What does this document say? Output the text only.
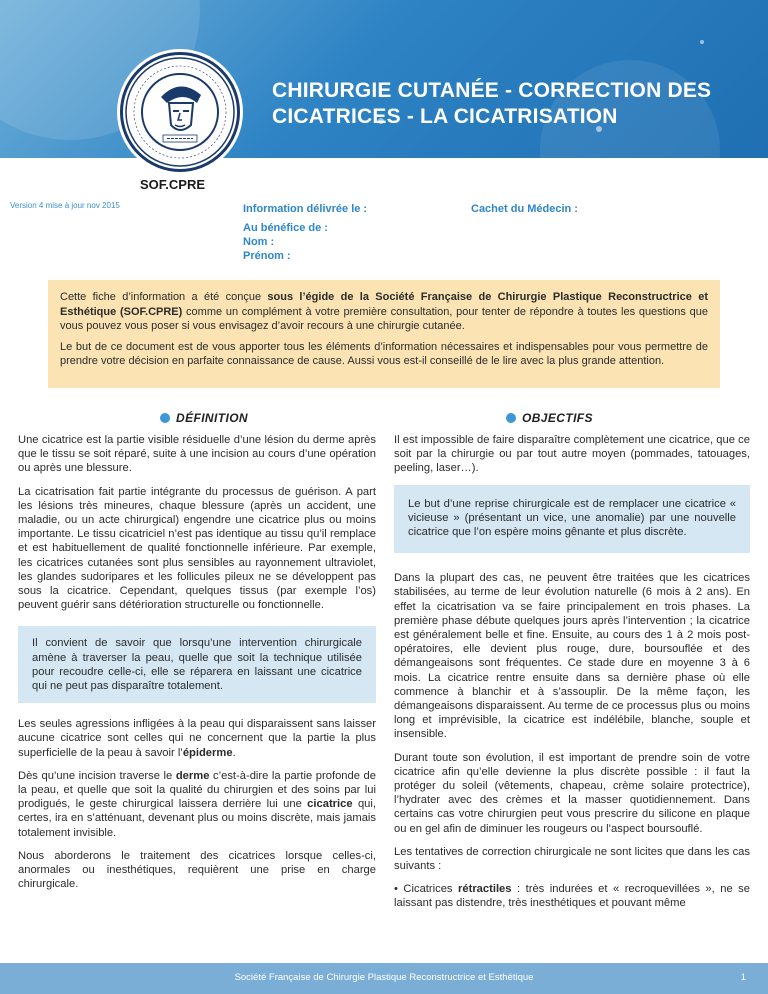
CHIRURGIE CUTANÉE - CORRECTION DES CICATRICES - LA CICATRISATION
SOF.CPRE
Version 4 mise à jour nov 2015	Information délivrée le :	Cachet du Médecin :
Au bénéfice de :
Nom :
Prénom :

Cette fiche d’information a été conçue sous l’égide de la Société Française de Chirurgie Plastique Reconstructrice et Esthétique (SOF.CPRE) comme un complément à votre première consultation, pour tenter de répondre à toutes les questions que vous pouvez vous poser si vous envisagez d’avoir recours à une chirurgie cutanée.

Le but de ce document est de vous apporter tous les éléments d’information nécessaires et indispensables pour vous permettre de prendre votre décision en parfaite connaissance de cause. Aussi vous est-il conseillé de le lire avec la plus grande attention.

DÉFINITION	OBJECTIFS

Une cicatrice est la partie visible résiduelle d’une lésion du derme après que le tissu se soit réparé, suite à une incision au cours d’une opération ou après une blessure.

La cicatrisation fait partie intégrante du processus de guérison. A part les lésions très mineures, chaque blessure (après un accident, une maladie, ou un acte chirurgical) engendre une cicatrice plus ou moins importante. Le tissu cicatriciel n’est pas identique au tissu qu’il remplace et est habituellement de qualité fonctionnelle inférieure. Par exemple, les cicatrices cutanées sont plus sensibles au rayonnement ultraviolet, les glandes sudoripares et les follicules pileux ne se développent pas sous la cicatrice. Cependant, quelques tissus (par exemple l’os) peuvent guérir sans détérioration structurelle ou fonctionnelle.

Il convient de savoir que lorsqu’une intervention chirurgicale amène à traverser la peau, quelle que soit la technique utilisée pour recoudre celle-ci, elle se réparera en laissant une cicatrice qui ne peut pas disparaître totalement.

Les seules agressions infligées à la peau qui disparaissent sans laisser aucune cicatrice sont celles qui ne concernent que la partie la plus superficielle de la peau à savoir l’épiderme.

Dès qu’une incision traverse le derme c’est-à-dire la partie profonde de la peau, et quelle que soit la qualité du chirurgien et des soins par lui prodigués, le geste chirurgical laissera derrière lui une cicatrice qui, certes, ira en s’atténuant, devenant plus ou moins discrète, mais jamais totalement invisible.

Nous aborderons le traitement des cicatrices lorsque celles-ci, anormales ou inesthétiques, requièrent une prise en charge chirurgicale.

Il est impossible de faire disparaître complètement une cicatrice, que ce soit par la chirurgie ou par tout autre moyen (pommades, tatouages, peeling, laser…).

Le but d’une reprise chirurgicale est de remplacer une cicatrice « vicieuse » (présentant un vice, une anomalie) par une nouvelle cicatrice que l’on espère moins gênante et plus discrète.

Dans la plupart des cas, ne peuvent être traitées que les cicatrices stabilisées, au terme de leur évolution naturelle (6 mois à 2 ans). En effet la cicatrisation va se faire principalement en trois phases. La première phase débute quelques jours après l’intervention ; la cicatrice est généralement belle et fine. Ensuite, au cours des 1 à 2 mois post-opératoires, elle devient plus rouge, dure, boursouflée et des démangeaisons sont fréquentes. Ce stade dure en moyenne 3 à 6 mois. La cicatrice rentre ensuite dans sa dernière phase où elle commence à blanchir et à s’assouplir. De la même façon, les démangeaisons disparaissent. Au terme de ce processus plus ou moins long et imprévisible, la cicatrice est indélébile, blanche, souple et insensible.

Durant toute son évolution, il est important de prendre soin de votre cicatrice afin qu’elle devienne la plus discrète possible : il faut la protéger du soleil (vêtements, chapeau, crème solaire protectrice), l’hydrater avec des crèmes et la masser quotidiennement. Dans certains cas votre chirurgien peut vous prescrire du silicone en plaque ou en gel afin de diminuer les rougeurs ou l’aspect boursouflé.

Les tentatives de correction chirurgicale ne sont licites que dans les cas suivants :

• Cicatrices rétractiles : très indurées et « recroquevillées », ne se laissant pas distendre, très inesthétiques et pouvant même

Société Française de Chirurgie Plastique Reconstructrice et Esthétique	1
